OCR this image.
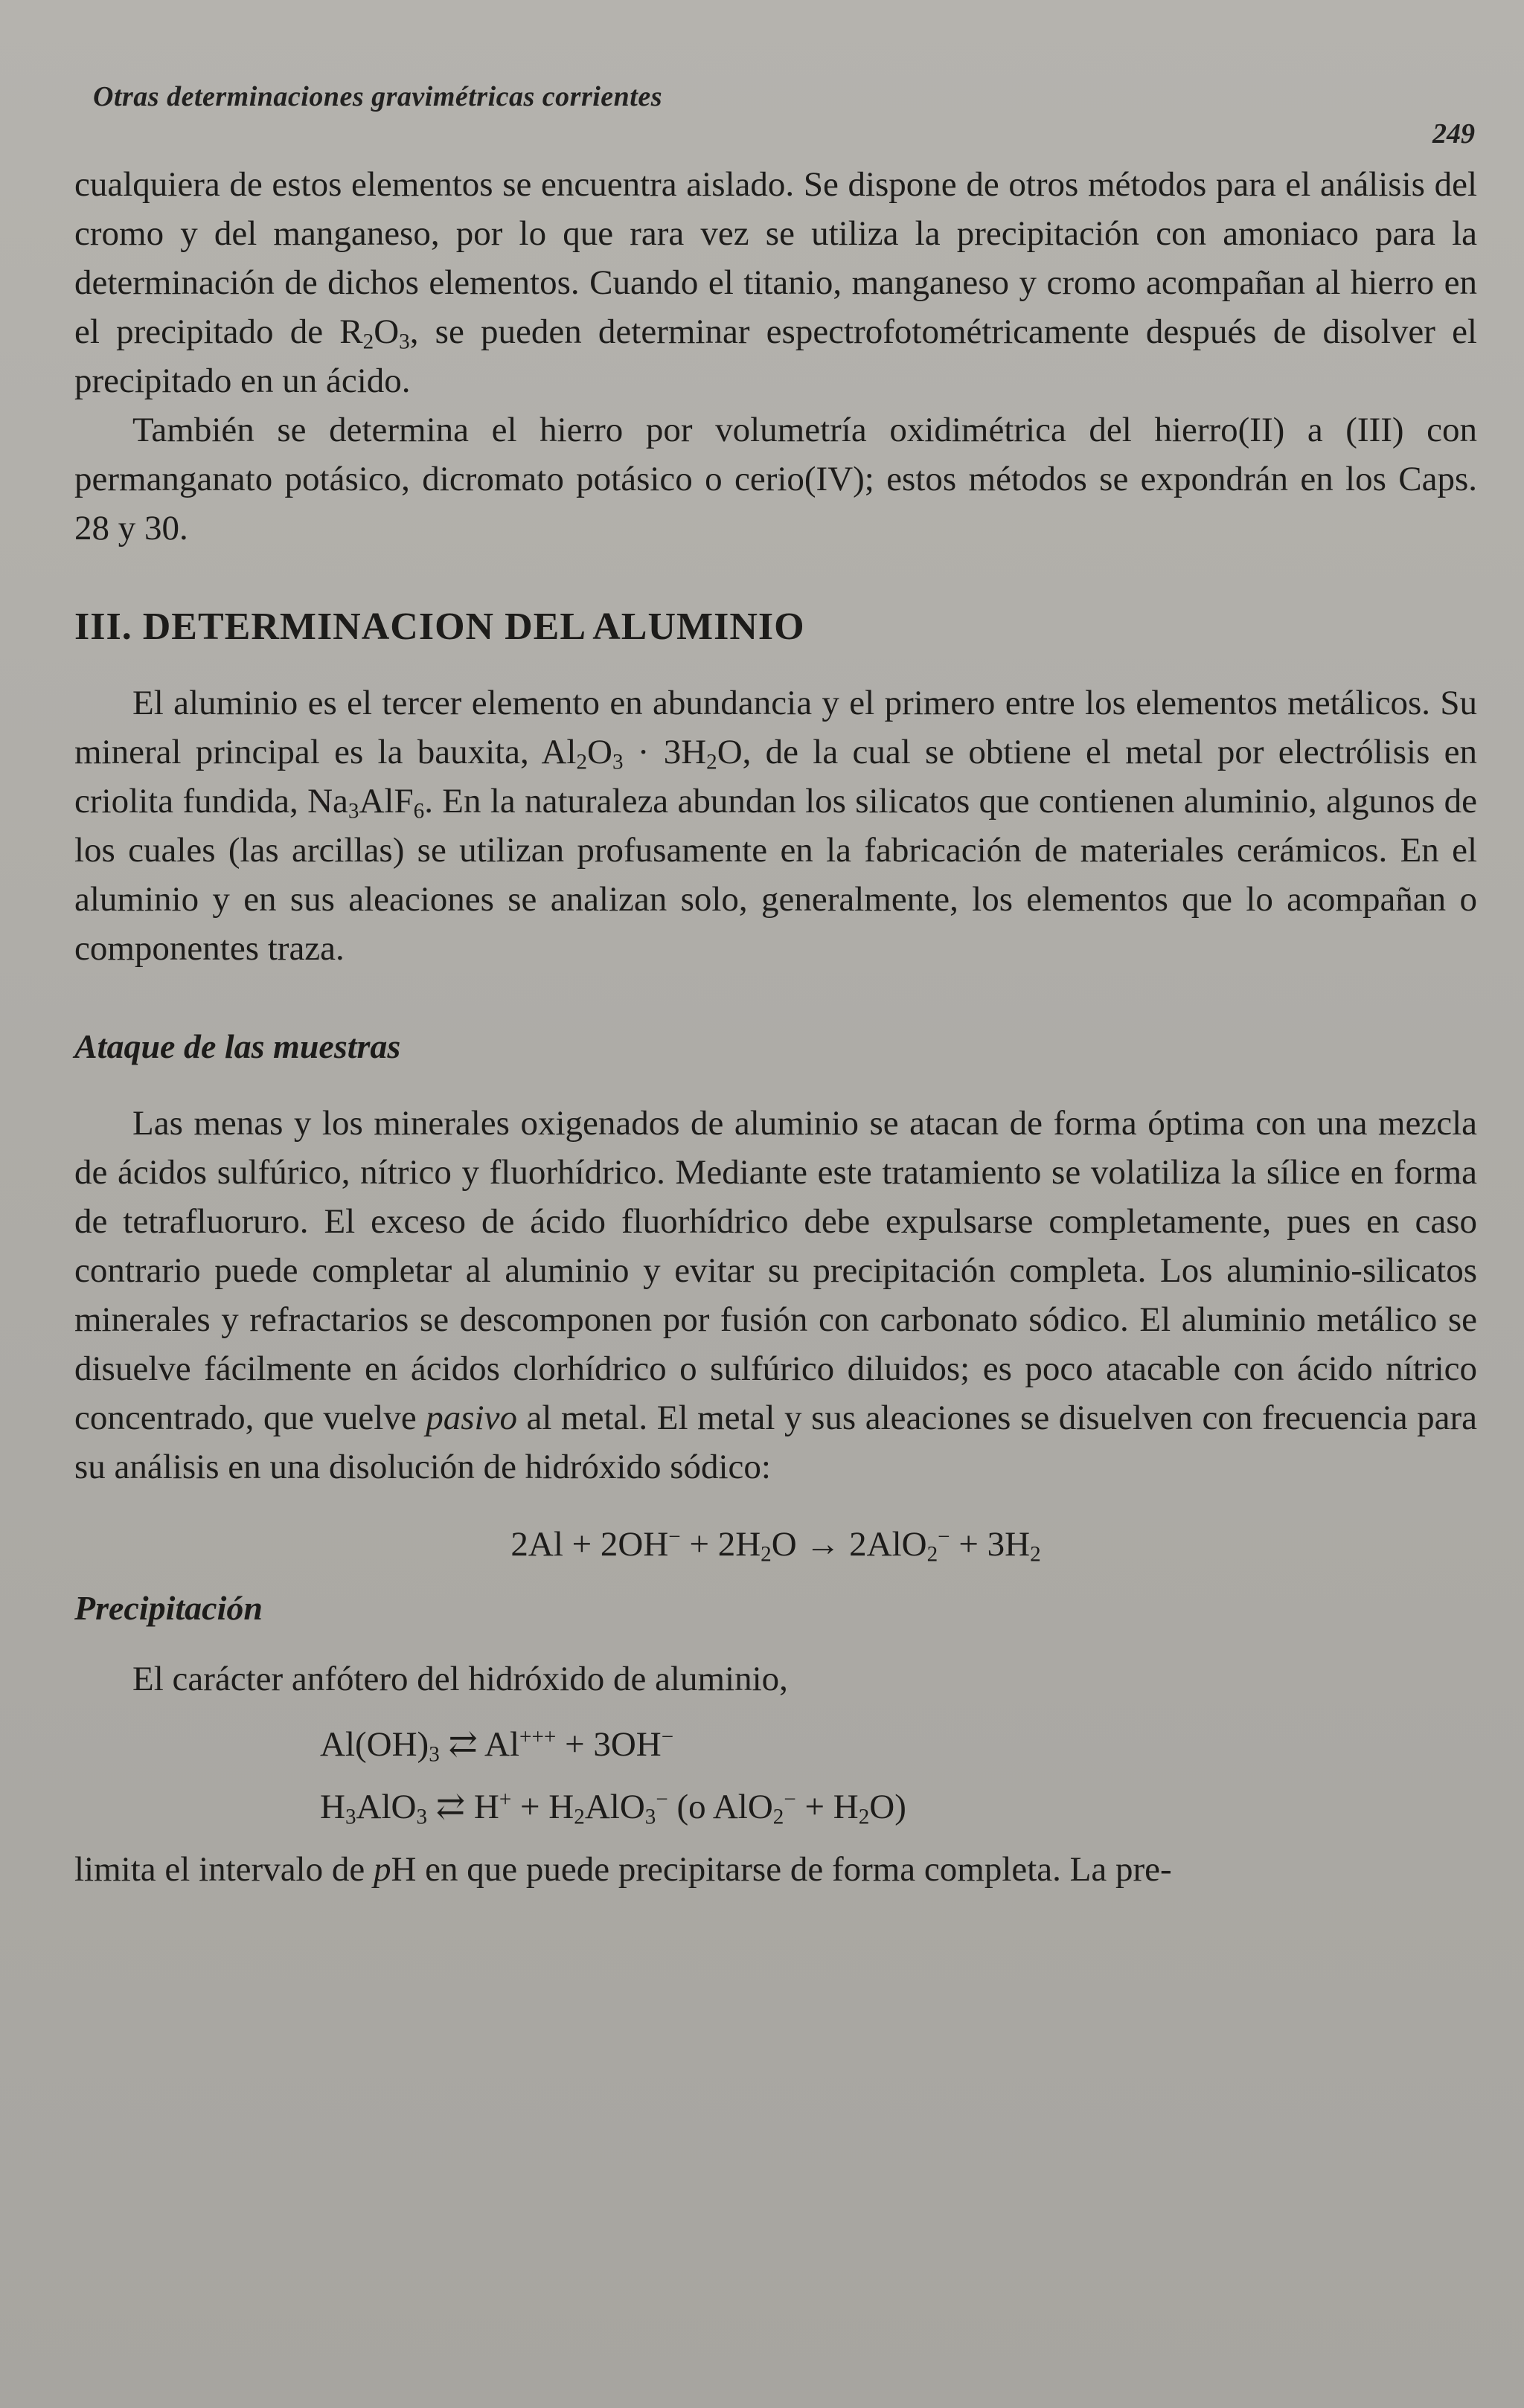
Otras determinaciones gravimétricas corrientes
249

cualquiera de estos elementos se encuentra aislado. Se dispone de otros métodos para el análisis del cromo y del manganeso, por lo que rara vez se utiliza la precipitación con amoniaco para la determinación de dichos elementos. Cuando el titanio, manganeso y cromo acompañan al hierro en el precipitado de $R_2O_3$, se pueden determinar espectrofotométricamente después de disolver el precipitado en un ácido.

También se determina el hierro por volumetría oxidimétrica del hierro(II) a (III) con permanganato potásico, dicromato potásico o cerio(IV); estos métodos se expondrán en los Caps. 28 y 30.

III. DETERMINACION DEL ALUMINIO

El aluminio es el tercer elemento en abundancia y el primero entre los elementos metálicos. Su mineral principal es la bauxita, $Al_2O_3 \cdot 3H_2O$, de la cual se obtiene el metal por electrólisis en criolita fundida, $Na_3AlF_6$. En la naturaleza abundan los silicatos que contienen aluminio, algunos de los cuales (las arcillas) se utilizan profusamente en la fabricación de materiales cerámicos. En el aluminio y en sus aleaciones se analizan solo, generalmente, los elementos que lo acompañan o componentes traza.

Ataque de las muestras

Las menas y los minerales oxigenados de aluminio se atacan de forma óptima con una mezcla de ácidos sulfúrico, nítrico y fluorhídrico. Mediante este tratamiento se volatiliza la sílice en forma de tetrafluoruro. El exceso de ácido fluorhídrico debe expulsarse completamente, pues en caso contrario puede completar al aluminio y evitar su precipitación completa. Los aluminio-silicatos minerales y refractarios se descomponen por fusión con carbonato sódico. El aluminio metálico se disuelve fácilmente en ácidos clorhídrico o sulfúrico diluidos; es poco atacable con ácido nítrico concentrado, que vuelve pasivo al metal. El metal y sus aleaciones se disuelven con frecuencia para su análisis en una disolución de hidróxido sódico:

$2Al + 2OH^- + 2H_2O \to 2AlO_2^- + 3H_2$
Precipitación

El carácter anfótero del hidróxido de aluminio,

$Al(OH)_3$ ⇄ Al+++ + 3OH−
$H_3AlO_3$ ⇄ $H^+ + H_2AlO_3^-$ (o $AlO_2^- + H_2O$)

limita el intervalo de pH en que puede precipitarse de forma completa. La pre-
